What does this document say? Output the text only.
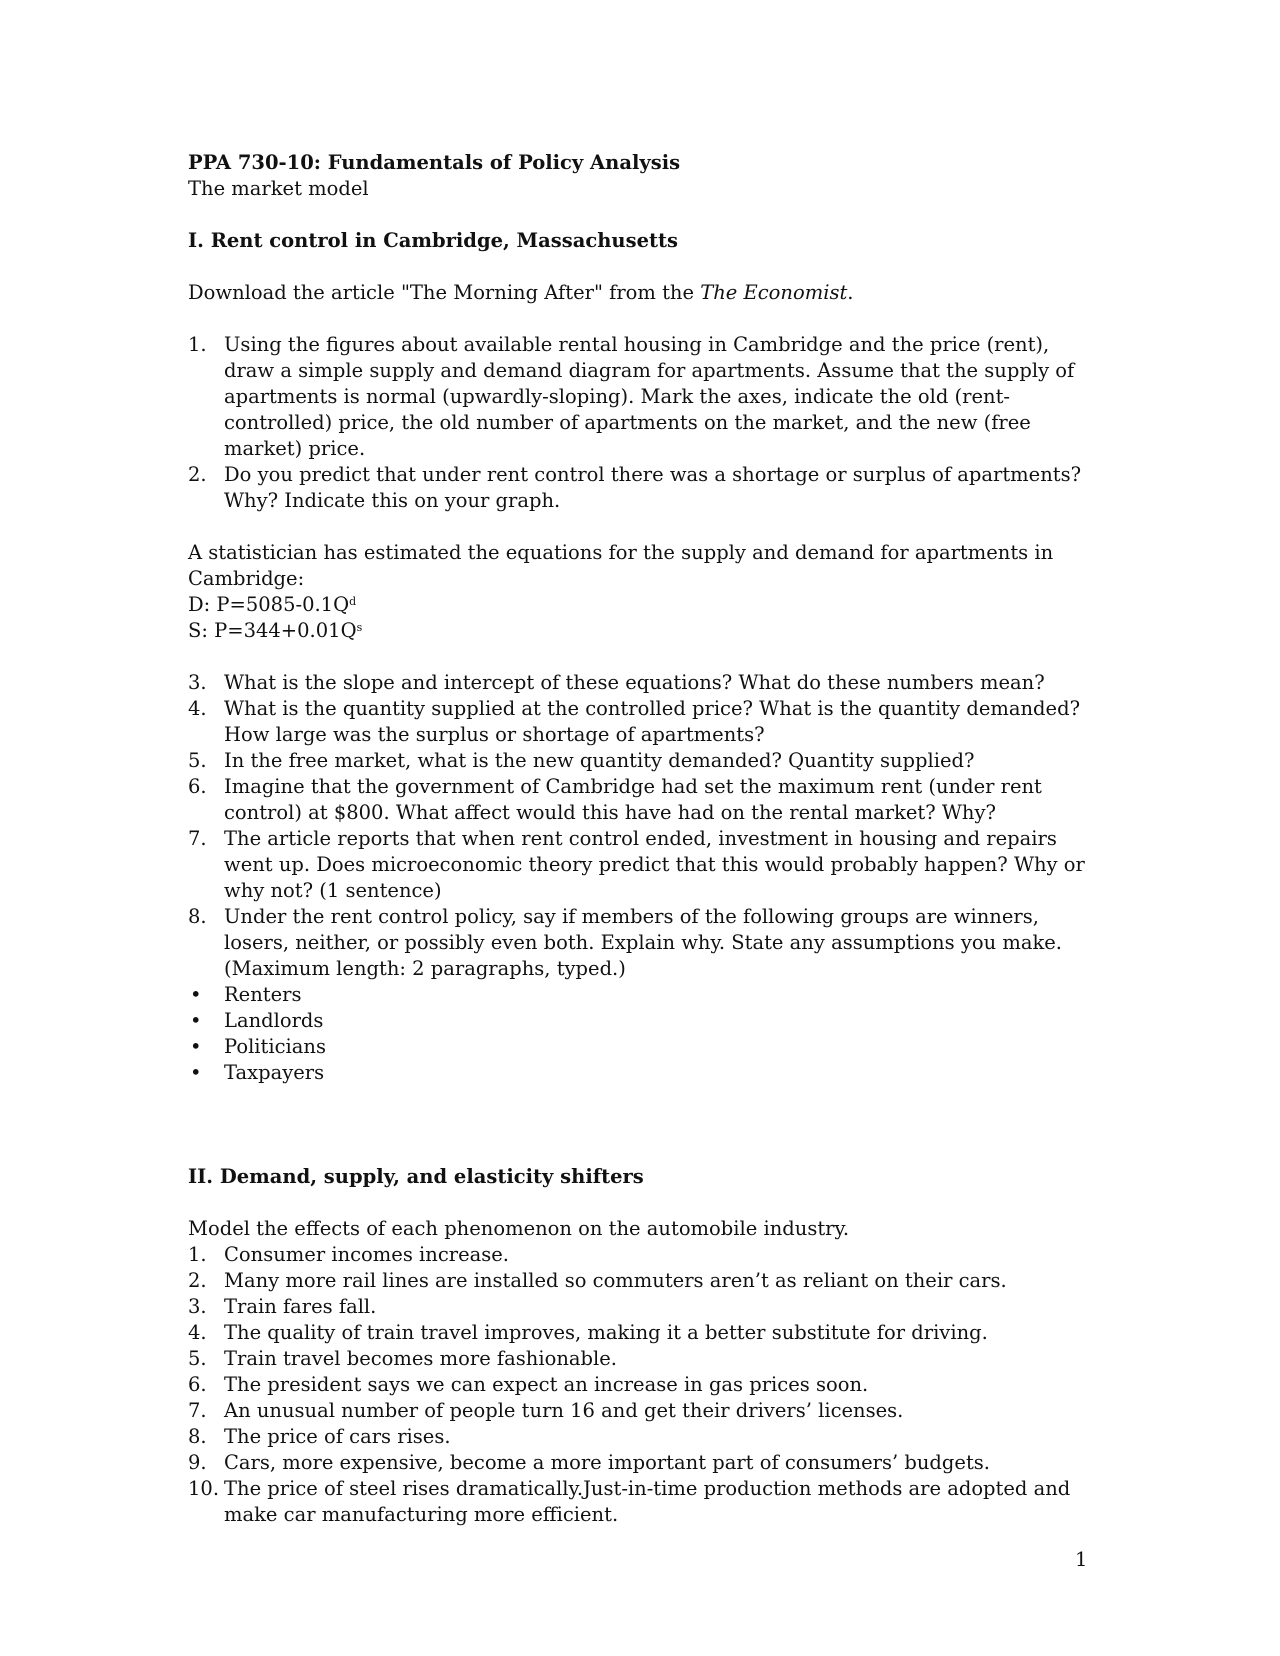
PPA 730-10: Fundamentals of Policy Analysis
The market model
I. Rent control in Cambridge, Massachusetts
Download the article "The Morning After" from the The Economist.
1. Using the figures about available rental housing in Cambridge and the price (rent), draw a simple supply and demand diagram for apartments. Assume that the supply of apartments is normal (upwardly-sloping). Mark the axes, indicate the old (rent-controlled) price, the old number of apartments on the market, and the new (free market) price.
2. Do you predict that under rent control there was a shortage or surplus of apartments? Why? Indicate this on your graph.
A statistician has estimated the equations for the supply and demand for apartments in Cambridge:
D: $P=5085-0.1Q^d$
S: $P=344+0.01Q^s$
3. What is the slope and intercept of these equations? What do these numbers mean?
4. What is the quantity supplied at the controlled price? What is the quantity demanded? How large was the surplus or shortage of apartments?
5. In the free market, what is the new quantity demanded? Quantity supplied?
6. Imagine that the government of Cambridge had set the maximum rent (under rent control) at $800. What affect would this have had on the rental market? Why?
7. The article reports that when rent control ended, investment in housing and repairs went up. Does microeconomic theory predict that this would probably happen? Why or why not? (1 sentence)
8. Under the rent control policy, say if members of the following groups are winners, losers, neither, or possibly even both. Explain why. State any assumptions you make. (Maximum length: 2 paragraphs, typed.)
•	Renters
•	Landlords
•	Politicians
•	Taxpayers
II. Demand, supply, and elasticity shifters
Model the effects of each phenomenon on the automobile industry.
1. Consumer incomes increase.
2. Many more rail lines are installed so commuters aren’t as reliant on their cars.
3. Train fares fall.
4. The quality of train travel improves, making it a better substitute for driving.
5. Train travel becomes more fashionable.
6. The president says we can expect an increase in gas prices soon.
7. An unusual number of people turn 16 and get their drivers’ licenses.
8. The price of cars rises.
9. Cars, more expensive, become a more important part of consumers’ budgets.
10. The price of steel rises dramatically.Just-in-time production methods are adopted and make car manufacturing more efficient.
1
